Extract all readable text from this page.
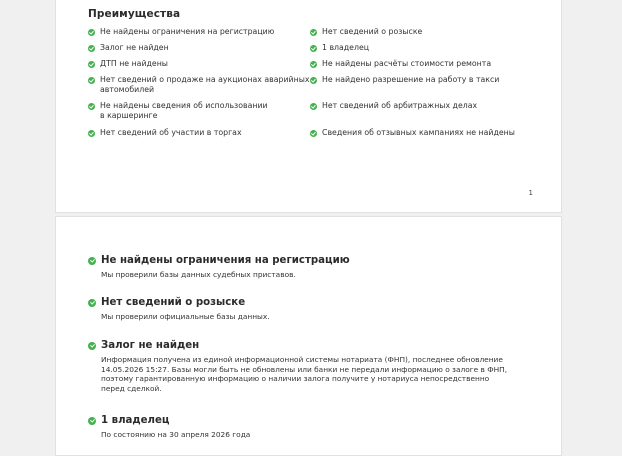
Преимущества
Не найдены ограничения на регистрацию	Нет сведений о розыске
Залог не найден	1 владелец
ДТП не найдены	Не найдены расчёты стоимости ремонта
Нет сведений о продаже на аукционах аварийных автомобилей
Не найдено разрешение на работу в такси
Не найдены сведения об использовании в каршеринге
Нет сведений об арбитражных делах
Нет сведений об участии в торгах	Сведения об отзывных кампаниях не найдены
1
Не найдены ограничения на регистрацию
Мы проверили базы данных судебных приставов.
Нет сведений о розыске
Мы проверили официальные базы данных.
Залог не найден
Информация получена из единой информационной системы нотариата (ФНП), последнее обновление 14.05.2026 15:27. Базы могли быть не обновлены или банки не передали информацию о залоге в ФНП, поэтому гарантированную информацию о наличии залога получите у нотариуса непосредственно перед сделкой.
1 владелец
По состоянию на 30 апреля 2026 года
